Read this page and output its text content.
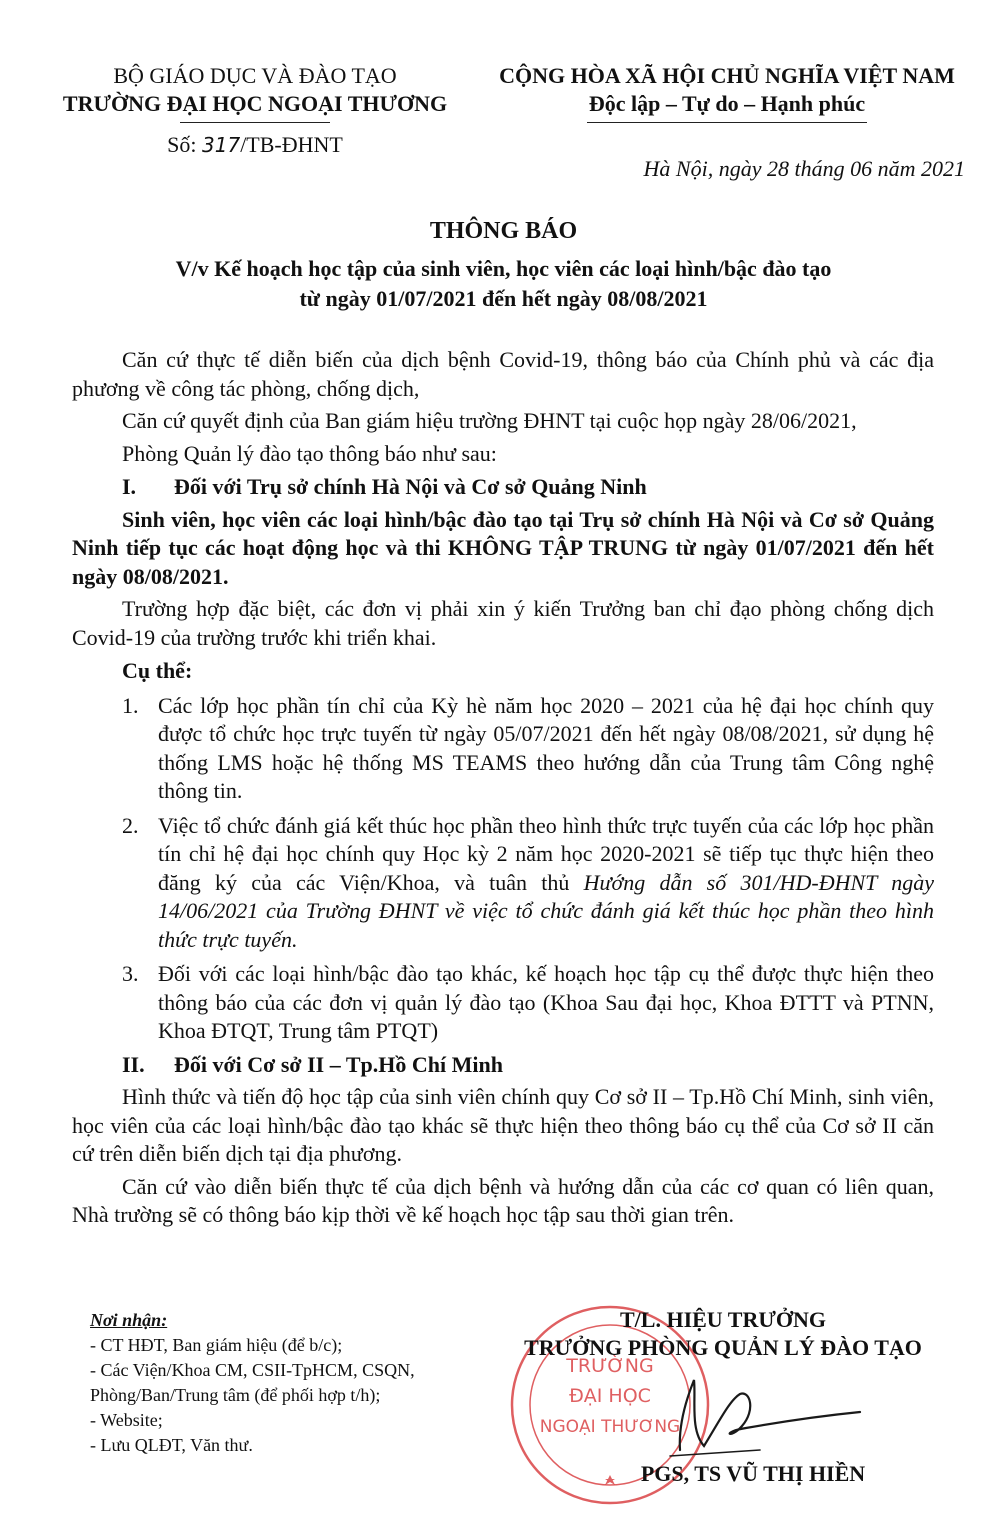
BỘ GIÁO DỤC VÀ ĐÀO TẠO
TRƯỜNG ĐẠI HỌC NGOẠI THƯƠNG
Số: 317/TB-ĐHNT
CỘNG HÒA XÃ HỘI CHỦ NGHĨA VIỆT NAM
Độc lập – Tự do – Hạnh phúc
Hà Nội, ngày 28 tháng 06 năm 2021
THÔNG BÁO
V/v Kế hoạch học tập của sinh viên, học viên các loại hình/bậc đào tạo
từ ngày 01/07/2021 đến hết ngày 08/08/2021

Căn cứ thực tế diễn biến của dịch bệnh Covid-19, thông báo của Chính phủ và các địa phương về công tác phòng, chống dịch,

Căn cứ quyết định của Ban giám hiệu trường ĐHNT tại cuộc họp ngày 28/06/2021,

Phòng Quản lý đào tạo thông báo như sau:

I. Đối với Trụ sở chính Hà Nội và Cơ sở Quảng Ninh

Sinh viên, học viên các loại hình/bậc đào tạo tại Trụ sở chính Hà Nội và Cơ sở Quảng Ninh tiếp tục các hoạt động học và thi KHÔNG TẬP TRUNG từ ngày 01/07/2021 đến hết ngày 08/08/2021.

Trường hợp đặc biệt, các đơn vị phải xin ý kiến Trưởng ban chỉ đạo phòng chống dịch Covid-19 của trường trước khi triển khai.

Cụ thể:

1. Các lớp học phần tín chỉ của Kỳ hè năm học 2020 – 2021 của hệ đại học chính quy được tổ chức học trực tuyến từ ngày 05/07/2021 đến hết ngày 08/08/2021, sử dụng hệ thống LMS hoặc hệ thống MS TEAMS theo hướng dẫn của Trung tâm Công nghệ thông tin.
2. Việc tổ chức đánh giá kết thúc học phần theo hình thức trực tuyến của các lớp học phần tín chỉ hệ đại học chính quy Học kỳ 2 năm học 2020-2021 sẽ tiếp tục thực hiện theo đăng ký của các Viện/Khoa, và tuân thủ Hướng dẫn số 301/HD-ĐHNT ngày 14/06/2021 của Trường ĐHNT về việc tổ chức đánh giá kết thúc học phần theo hình thức trực tuyến.
3. Đối với các loại hình/bậc đào tạo khác, kế hoạch học tập cụ thể được thực hiện theo thông báo của các đơn vị quản lý đào tạo (Khoa Sau đại học, Khoa ĐTTT và PTNN, Khoa ĐTQT, Trung tâm PTQT)

II. Đối với Cơ sở II – Tp.Hồ Chí Minh

Hình thức và tiến độ học tập của sinh viên chính quy Cơ sở II – Tp.Hồ Chí Minh, sinh viên, học viên của các loại hình/bậc đào tạo khác sẽ thực hiện theo thông báo cụ thể của Cơ sở II căn cứ trên diễn biến dịch tại địa phương.

Căn cứ vào diễn biến thực tế của dịch bệnh và hướng dẫn của các cơ quan có liên quan, Nhà trường sẽ có thông báo kịp thời về kế hoạch học tập sau thời gian trên.

Nơi nhận:
- CT HĐT, Ban giám hiệu (để b/c);
- Các Viện/Khoa CM, CSII-TpHCM, CSQN,
Phòng/Ban/Trung tâm (để phối hợp t/h);
- Website;
- Lưu QLĐT, Văn thư.
TRƯỜNG
ĐẠI HỌC
NGOẠI THƯƠNG
T/L. HIỆU TRƯỞNG
TRƯỞNG PHÒNG QUẢN LÝ ĐÀO TẠO
PGS, TS VŨ THỊ HIỀN
